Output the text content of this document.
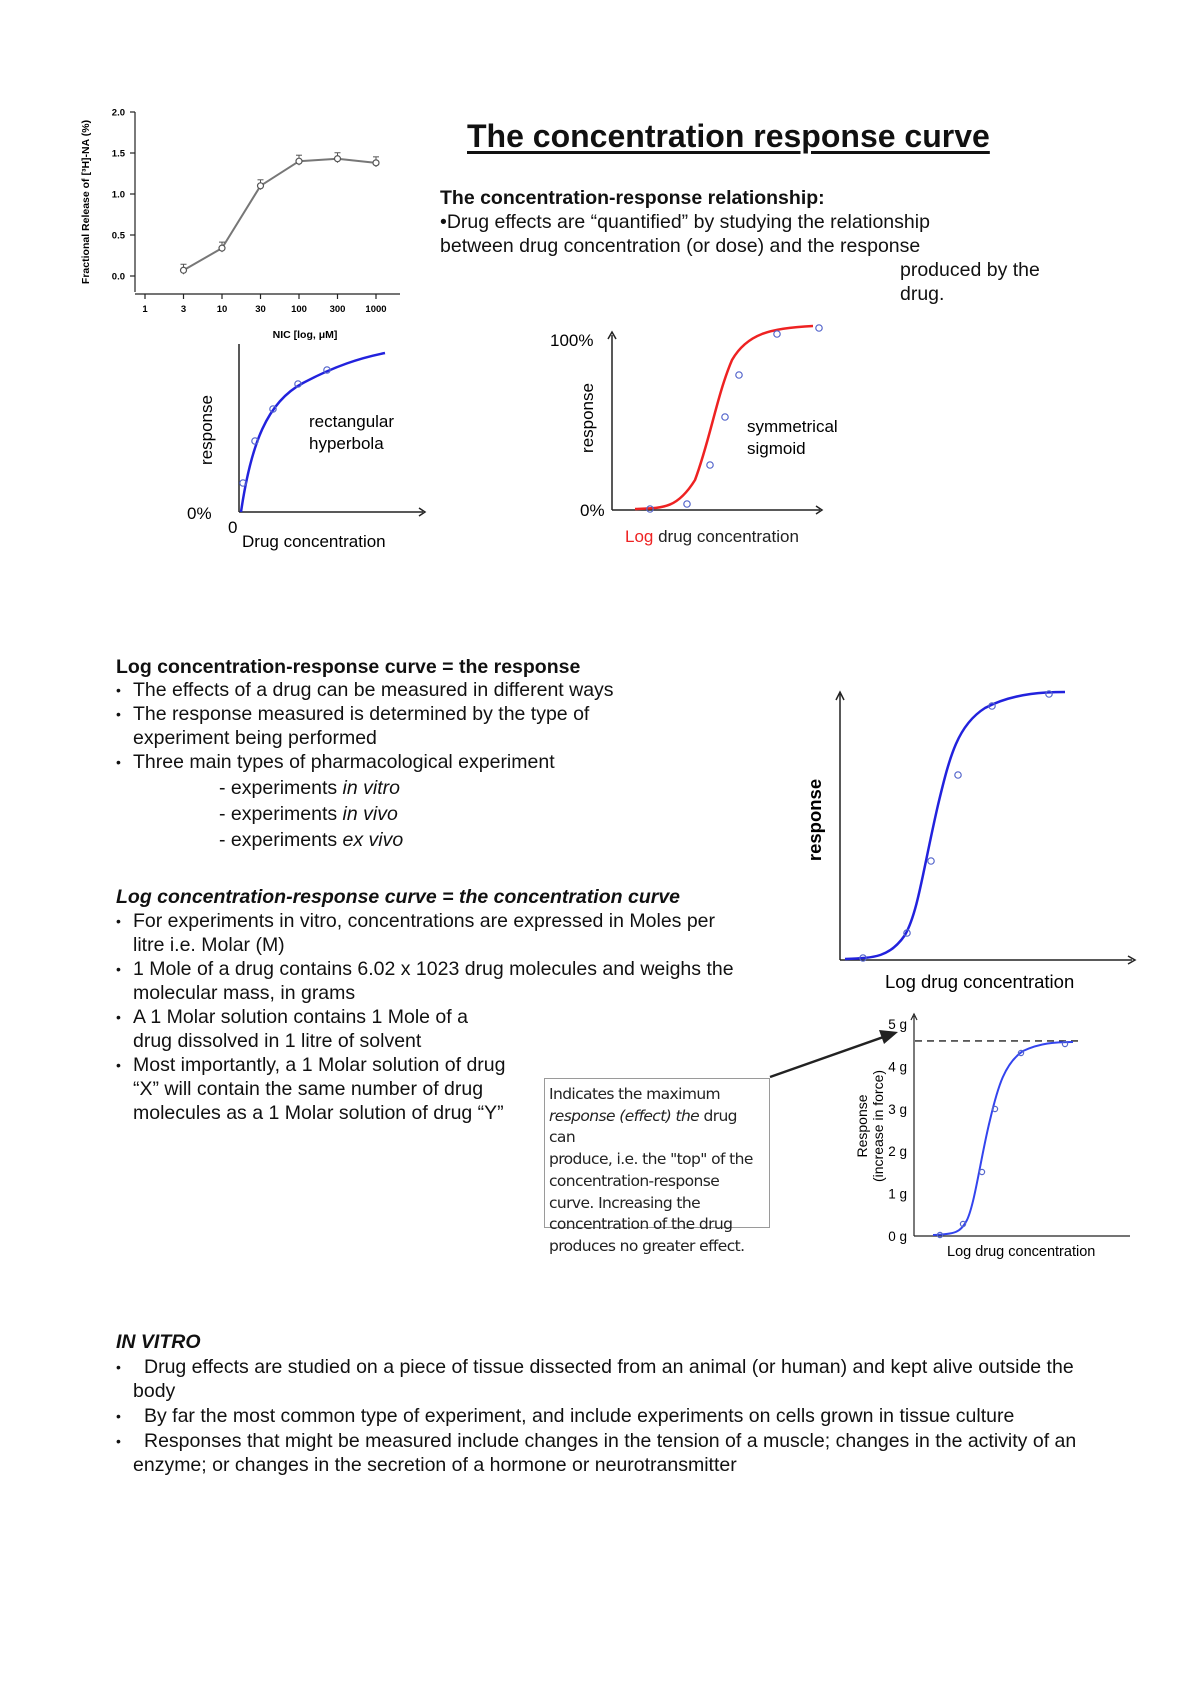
The concentration response curve
The concentration-response relationship:
•Drug effects are “quantified” by studying the relationship
between drug concentration (or dose) and the response
produced by the
drug.
0.0
0.5
1.0
1.5
2.0
1	3	10	30	100 300 1000
NIC [log, μM]
Fractional Release of [³H]-NA (%)
rectangular hyperbola
0%
0
Drug concentration
response
100%
0%
symmetrical sigmoid
Log drug concentration
response
Log concentration-response curve = the response
• The effects of a drug can be measured in different ways
• The response measured is determined by the type of experiment being performed
• Three main types of pharmacological experiment
- experiments in vitro
- experiments in vivo
- experiments ex vivo
Log concentration-response curve = the concentration curve
• For experiments in vitro, concentrations are expressed in Moles per litre i.e. Molar (M)
• 1 Mole of a drug contains 6.02 x 1023 drug molecules and weighs the molecular mass, in grams
• A 1 Molar solution contains 1 Mole of a drug dissolved in 1 litre of solvent
• Most importantly, a 1 Molar solution of drug “X” will contain the same number of drug molecules as a 1 Molar solution of drug “Y”
Log drug concentration
response
Indicates the maximum
response (effect) the drug can
produce, i.e. the "top" of the
concentration-response
curve. Increasing the
concentration of the drug
produces no greater effect.
0 g
1 g
2 g
3 g
4 g
5 g
Log drug concentration
Response (increase in force)
IN VITRO
• Drug effects are studied on a piece of tissue dissected from an animal (or human) and kept alive outside the body
• By far the most common type of experiment, and include experiments on cells grown in tissue culture
• Responses that might be measured include changes in the tension of a muscle; changes in the activity of an enzyme; or changes in the secretion of a hormone or neurotransmitter
